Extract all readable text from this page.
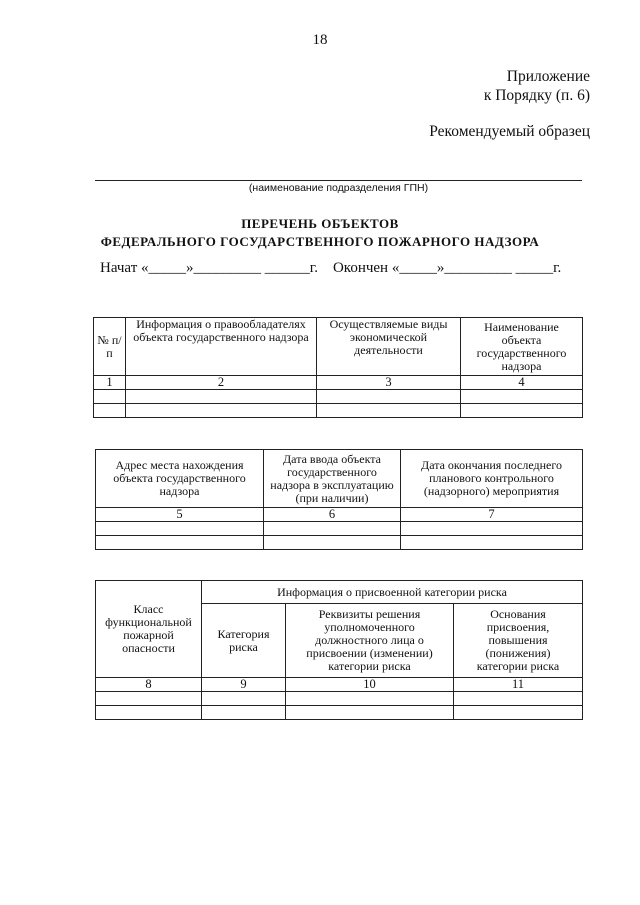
18
Приложение
к Порядку (п. 6)
Рекомендуемый образец
(наименование подразделения ГПН)
ПЕРЕЧЕНЬ ОБЪЕКТОВ
ФЕДЕРАЛЬНОГО ГОСУДАРСТВЕННОГО ПОЖАРНОГО НАДЗОРА
Начат «_____»_________ ______г.    Окончен «_____»_________ _____г.
№ п/п	Информация о правообладателях объекта государственного надзора	Осуществляемые виды экономической деятельности	Наименование объекта государственного надзора
1	2	3	4

Адрес места нахождения объекта государственного надзора	Дата ввода объекта государственного надзора в эксплуатацию (при наличии)	Дата окончания последнего планового контрольного (надзорного) мероприятия
5	6	7

Класс функциональной пожарной опасности	Информация о присвоенной категории риска		
	Категория риска	Реквизиты решения уполномоченного должностного лица о присвоении (изменении) категории риска	Основания присвоения, повышения (понижения) категории риска
8	9	10	11
